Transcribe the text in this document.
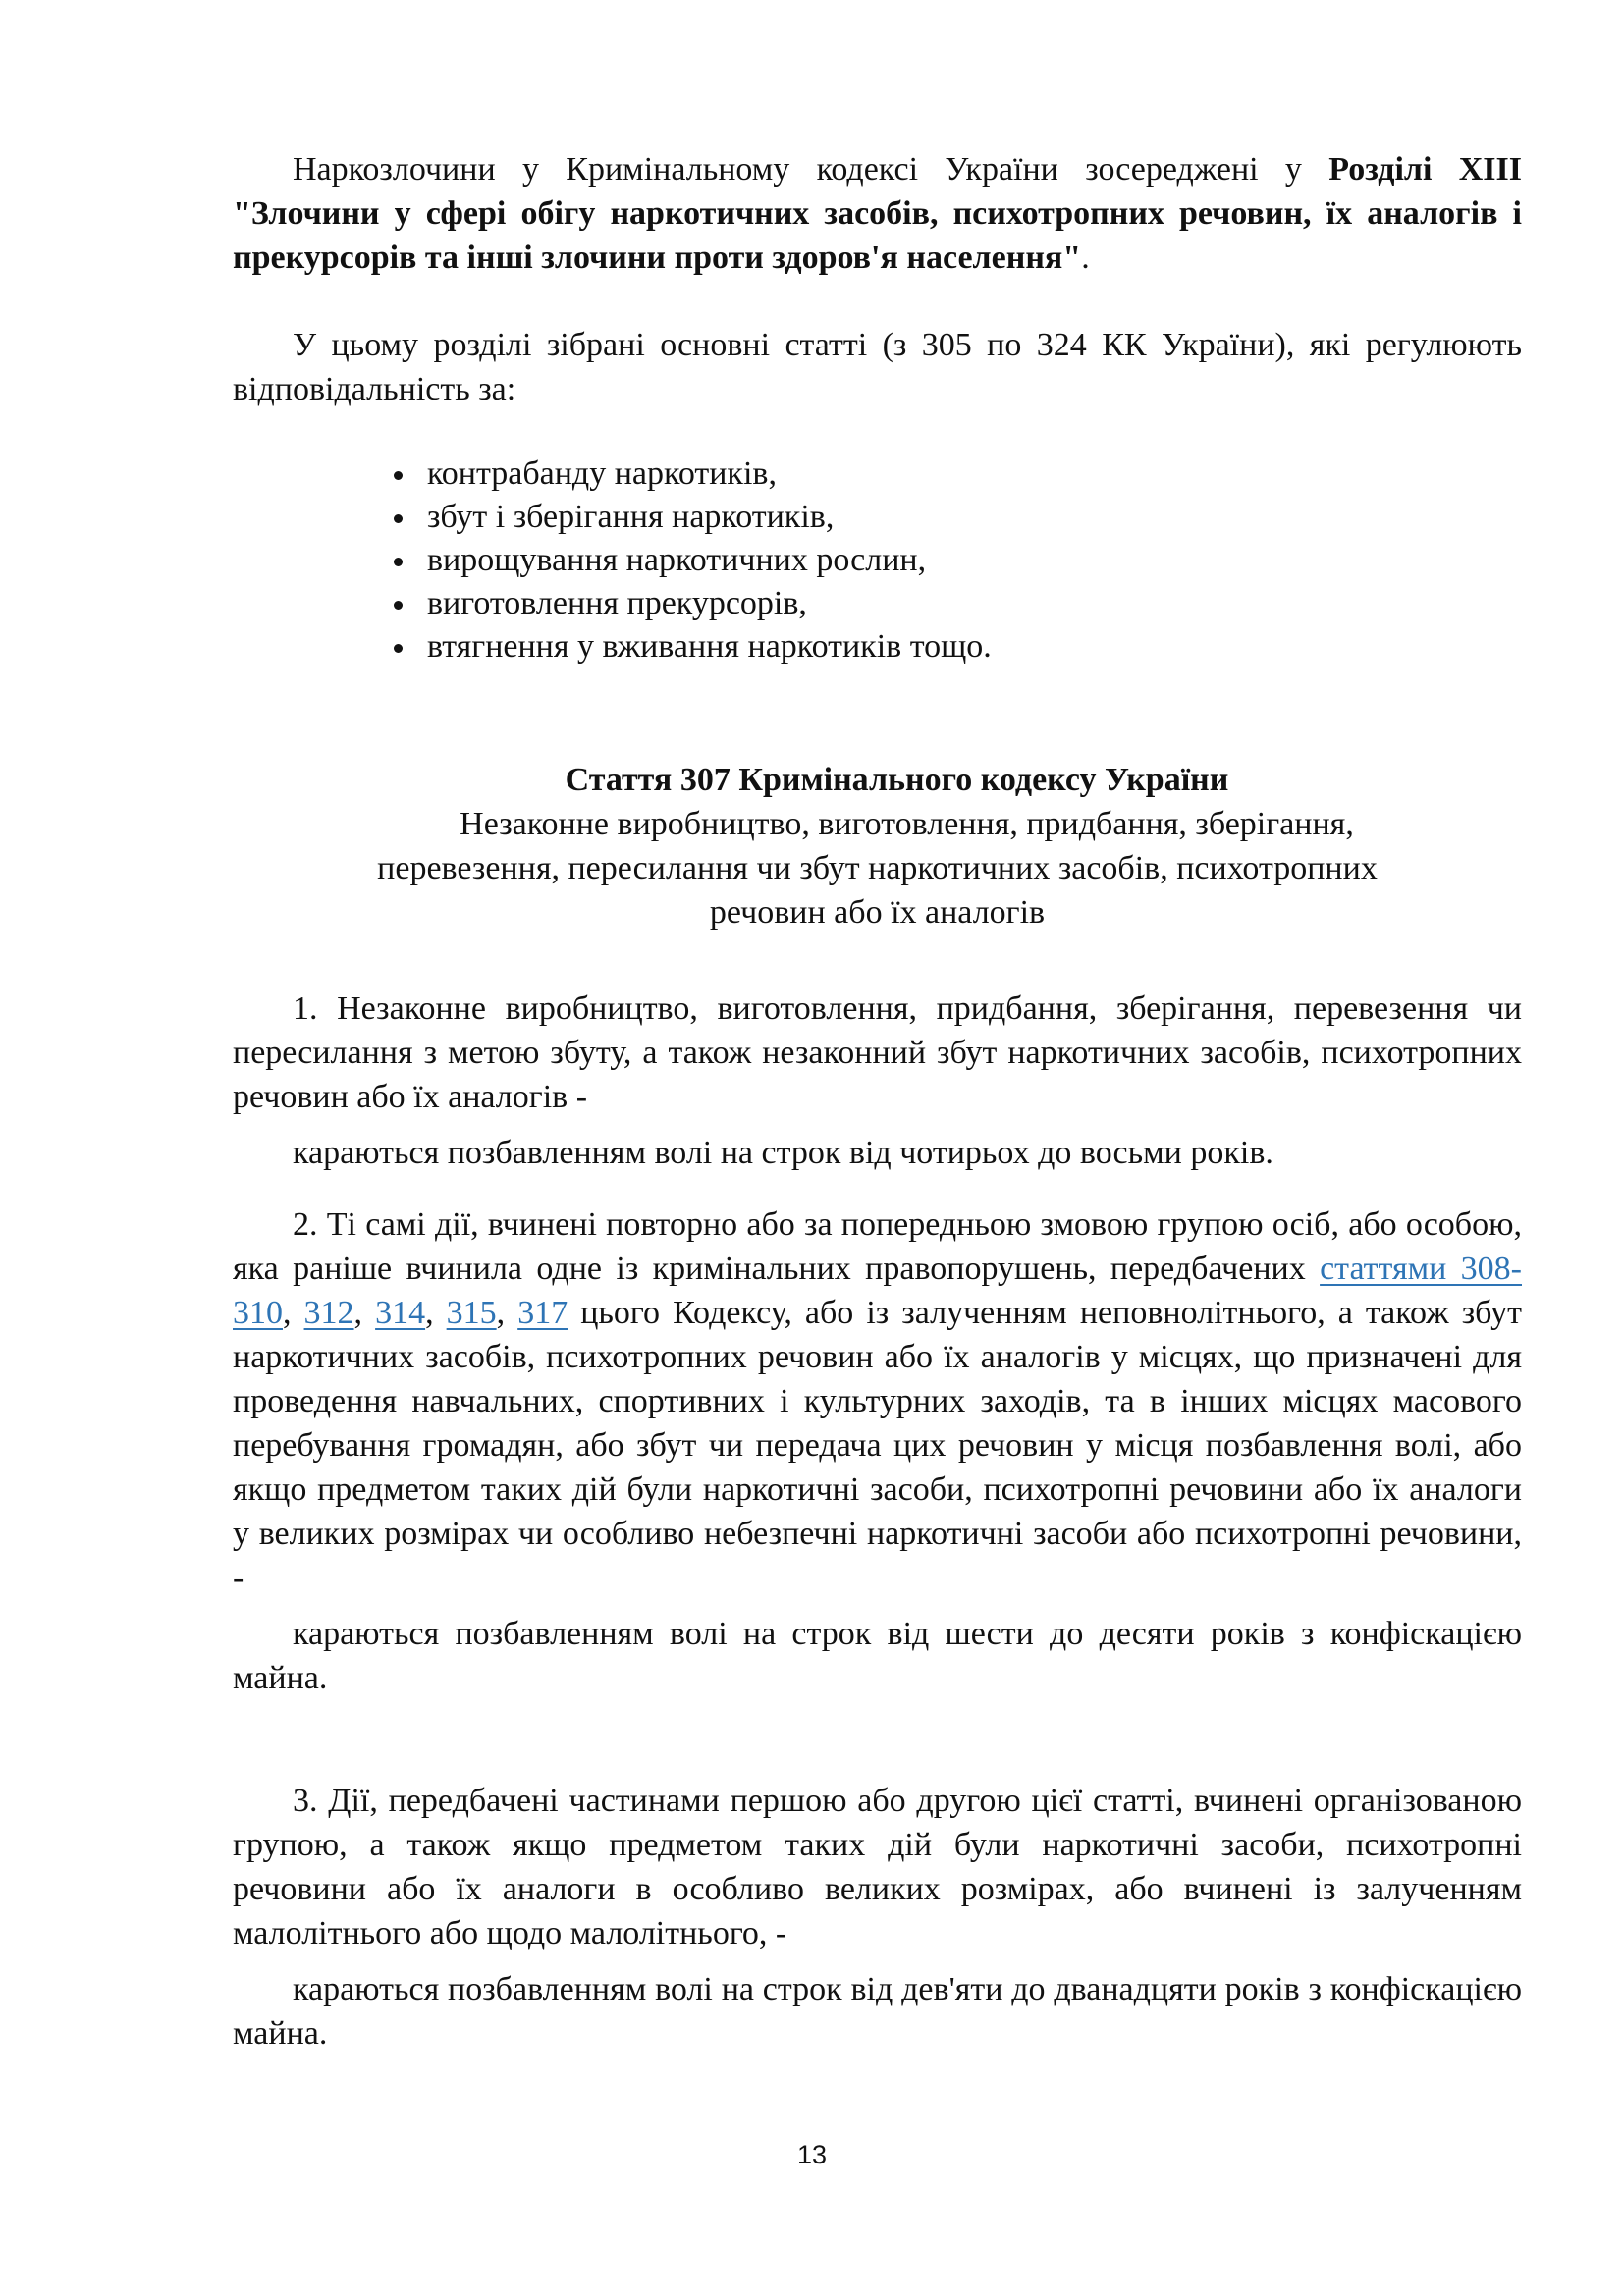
Наркозлочини у Кримінальному кодексі України зосереджені у Розділі XIII "Злочини у сфері обігу наркотичних засобів, психотропних речовин, їх аналогів і прекурсорів та інші злочини проти здоров'я населення".

У цьому розділі зібрані основні статті (з 305 по 324 КК України), які регулюють відповідальність за:

контрабанду наркотиків,
збут і зберігання наркотиків,
вирощування наркотичних рослин,
виготовлення прекурсорів,
втягнення у вживання наркотиків тощо.
Стаття 307 Кримінального кодексу України
Незаконне виробництво, виготовлення, придбання, зберігання,
перевезення, пересилання чи збут наркотичних засобів, психотропних
речовин або їх аналогів

1. Незаконне виробництво, виготовлення, придбання, зберігання, перевезення чи пересилання з метою збуту, а також незаконний збут наркотичних засобів, психотропних речовин або їх аналогів -

караються позбавленням волі на строк від чотирьох до восьми років.

2. Ті самі дії, вчинені повторно або за попередньою змовою групою осіб, або особою, яка раніше вчинила одне із кримінальних правопорушень, передбачених статтями 308-310, 312, 314, 315, 317 цього Кодексу, або із залученням неповнолітнього, а також збут наркотичних засобів, психотропних речовин або їх аналогів у місцях, що призначені для проведення навчальних, спортивних і культурних заходів, та в інших місцях масового перебування громадян, або збут чи передача цих речовин у місця позбавлення волі, або якщо предметом таких дій були наркотичні засоби, психотропні речовини або їх аналоги у великих розмірах чи особливо небезпечні наркотичні засоби або психотропні речовини, -

караються позбавленням волі на строк від шести до десяти років з конфіскацією майна.

3. Дії, передбачені частинами першою або другою цієї статті, вчинені організованою групою, а також якщо предметом таких дій були наркотичні засоби, психотропні речовини або їх аналоги в особливо великих розмірах, або вчинені із залученням малолітнього або щодо малолітнього, -

караються позбавленням волі на строк від дев'яти до дванадцяти років з конфіскацією майна.

13
